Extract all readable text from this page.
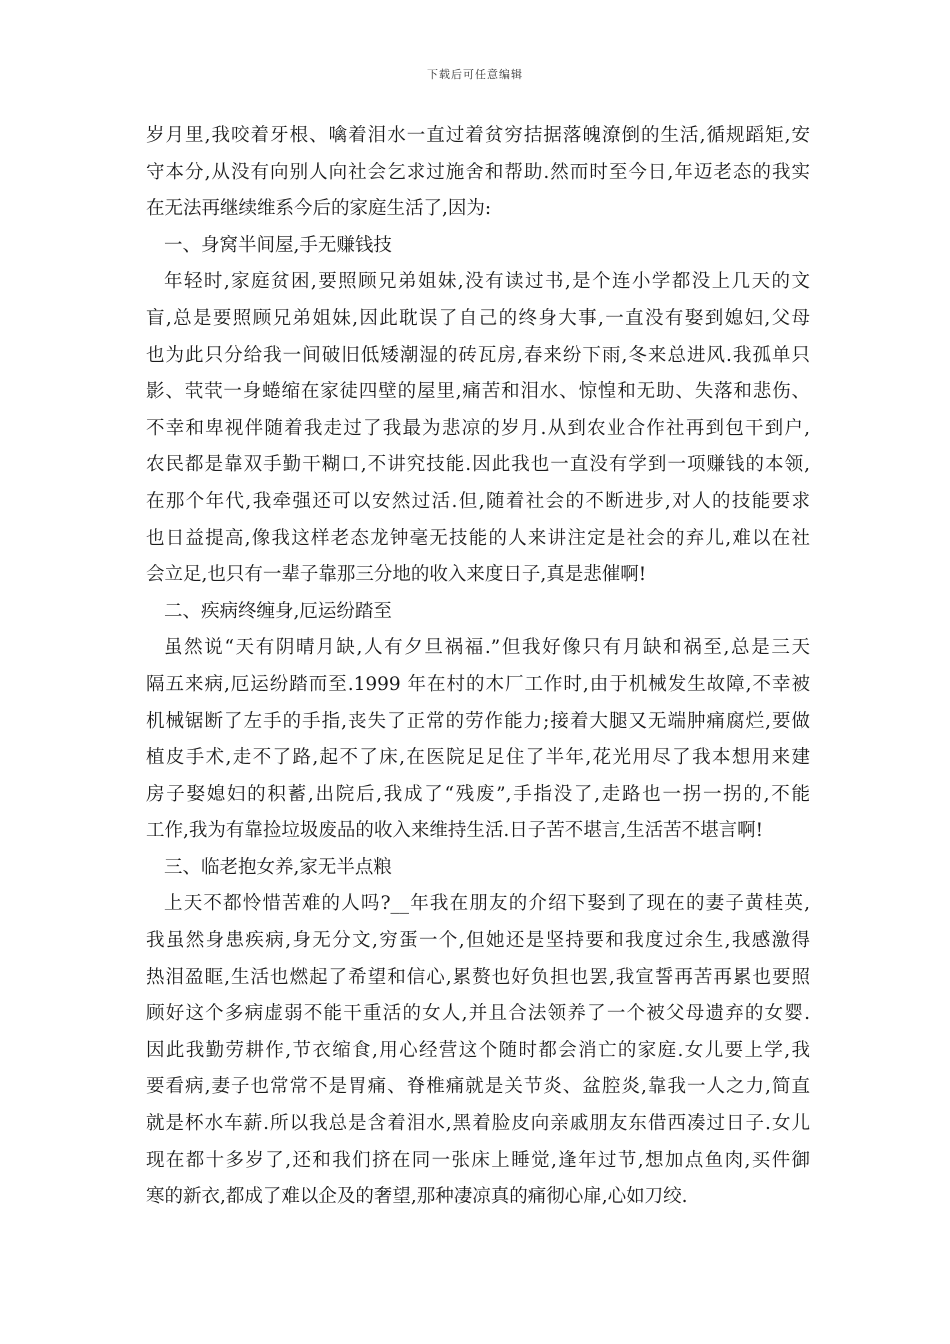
下载后可任意编辑
岁月里,我咬着牙根、噙着泪水一直过着贫穷拮据落魄潦倒的生活,循规蹈矩,安
守本分,从没有向别人向社会乞求过施舍和帮助.然而时至今日,年迈老态的我实
在无法再继续维系今后的家庭生活了,因为:
一、身窝半间屋,手无赚钱技
年轻时,家庭贫困,要照顾兄弟姐妹,没有读过书,是个连小学都没上几天的文
盲,总是要照顾兄弟姐妹,因此耽误了自己的终身大事,一直没有娶到媳妇,父母
也为此只分给我一间破旧低矮潮湿的砖瓦房,春来纷下雨,冬来总进风.我孤单只
影、茕茕一身蜷缩在家徒四壁的屋里,痛苦和泪水、惊惶和无助、失落和悲伤、
不幸和卑视伴随着我走过了我最为悲凉的岁月.从到农业合作社再到包干到户,
农民都是靠双手勤干糊口,不讲究技能.因此我也一直没有学到一项赚钱的本领,
在那个年代,我牵强还可以安然过活.但,随着社会的不断进步,对人的技能要求
也日益提高,像我这样老态龙钟毫无技能的人来讲注定是社会的弃儿,难以在社
会立足,也只有一辈子靠那三分地的收入来度日子,真是悲催啊!
二、疾病终缠身,厄运纷踏至
虽然说“天有阴晴月缺,人有夕旦祸福.”但我好像只有月缺和祸至,总是三天
隔五来病,厄运纷踏而至.1999 年在村的木厂工作时,由于机械发生故障,不幸被
机械锯断了左手的手指,丧失了正常的劳作能力;接着大腿又无端肿痛腐烂,要做
植皮手术,走不了路,起不了床,在医院足足住了半年,花光用尽了我本想用来建
房子娶媳妇的积蓄,出院后,我成了“残废”,手指没了,走路也一拐一拐的,不能
工作,我为有靠捡垃圾废品的收入来维持生活.日子苦不堪言,生活苦不堪言啊!
三、临老抱女养,家无半点粮
上天不都怜惜苦难的人吗?__年我在朋友的介绍下娶到了现在的妻子黄桂英,
我虽然身患疾病,身无分文,穷蛋一个,但她还是坚持要和我度过余生,我感激得
热泪盈眶,生活也燃起了希望和信心,累赘也好负担也罢,我宣誓再苦再累也要照
顾好这个多病虚弱不能干重活的女人,并且合法领养了一个被父母遗弃的女婴.
因此我勤劳耕作,节衣缩食,用心经营这个随时都会消亡的家庭.女儿要上学,我
要看病,妻子也常常不是胃痛、脊椎痛就是关节炎、盆腔炎,靠我一人之力,简直
就是杯水车薪.所以我总是含着泪水,黑着脸皮向亲戚朋友东借西凑过日子.女儿
现在都十多岁了,还和我们挤在同一张床上睡觉,逢年过节,想加点鱼肉,买件御
寒的新衣,都成了难以企及的奢望,那种凄凉真的痛彻心扉,心如刀绞.
